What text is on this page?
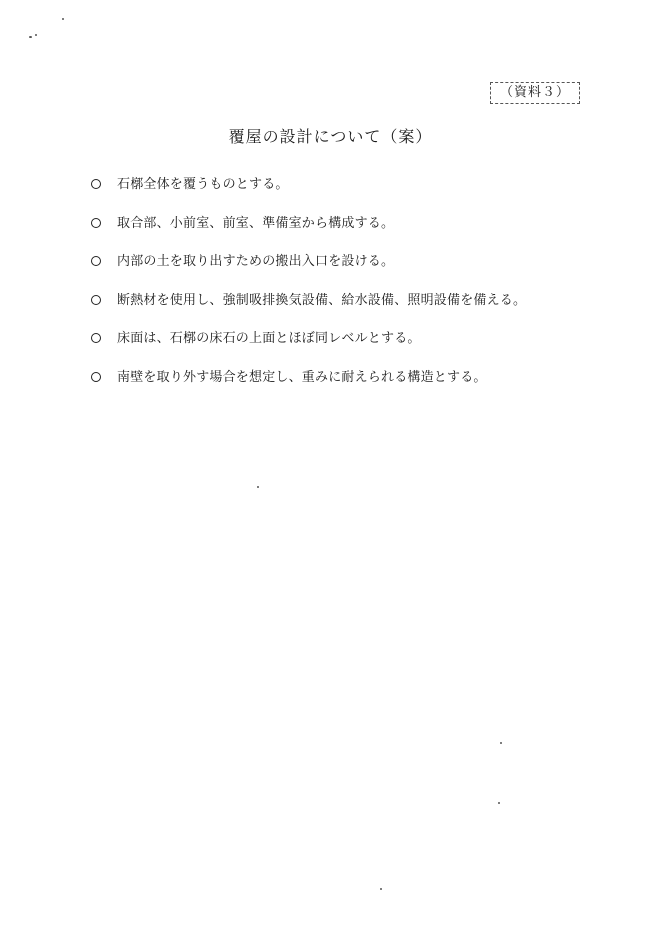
（資料３）
覆屋の設計について（案）
石槨全体を覆うものとする。
取合部、小前室、前室、準備室から構成する。
内部の土を取り出すための搬出入口を設ける。
断熱材を使用し、強制吸排換気設備、給水設備、照明設備を備える。
床面は、石槨の床石の上面とほぼ同レベルとする。
南壁を取り外す場合を想定し、重みに耐えられる構造とする。
